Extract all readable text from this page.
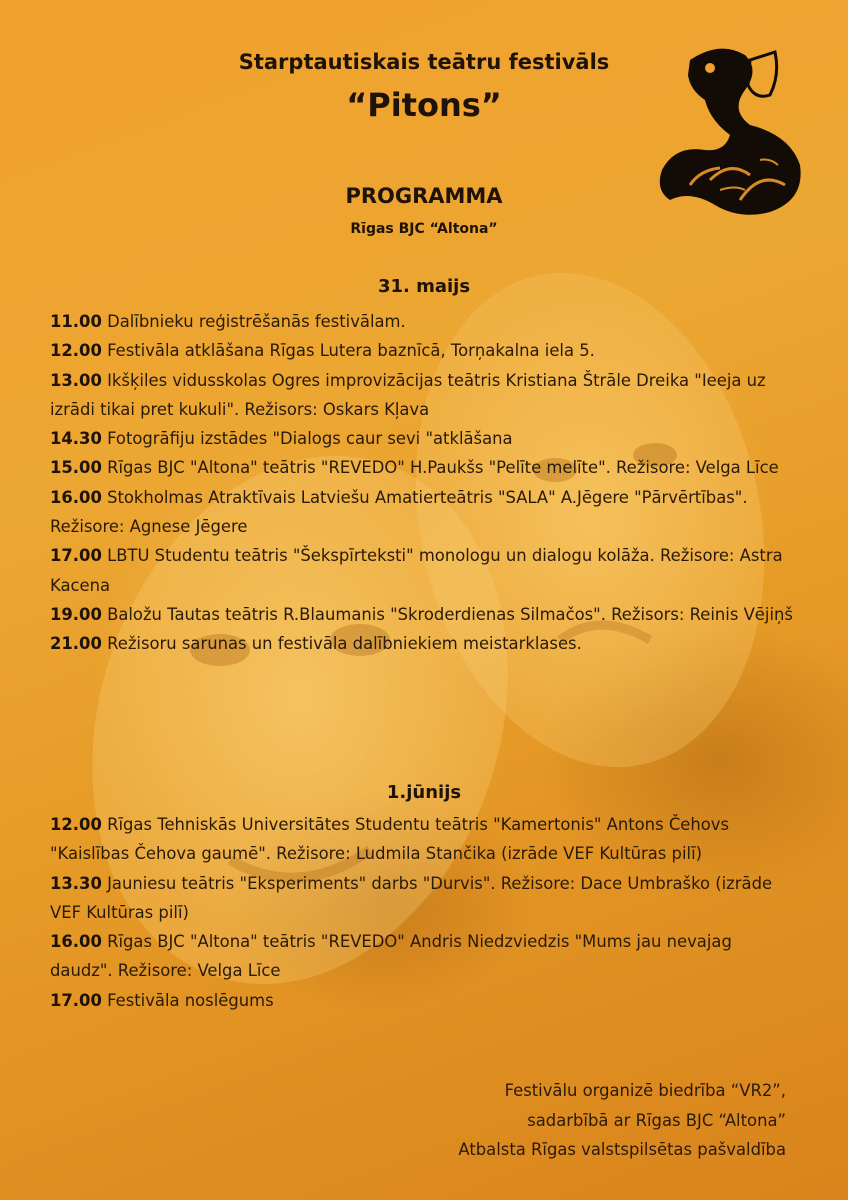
Starptautiskais teātru festivāls
“Pitons”
PROGRAMMA
Rīgas BJC “Altona”
31. maijs

11.00 Dalībnieku reģistrēšanās festivālam.

12.00 Festivāla atklāšana Rīgas Lutera baznīcā, Torņakalna iela 5.

13.00 Ikšķiles vidusskolas Ogres improvizācijas teātris Kristiana Štrāle Dreika "Ieeja uz izrādi tikai pret kukuli". Režisors: Oskars Kļava

14.30 Fotogrāfiju izstādes "Dialogs caur sevi "atklāšana

15.00 Rīgas BJC "Altona" teātris "REVEDO" H.Paukšs "Pelīte melīte". Režisore: Velga Līce

16.00 Stokholmas Atraktīvais Latviešu Amatierteātris "SALA" A.Jēgere "Pārvērtības". Režisore: Agnese Jēgere

17.00 LBTU Studentu teātris "Šekspīrteksti" monologu un dialogu kolāža. Režisore: Astra Kacena

19.00 Baložu Tautas teātris R.Blaumanis "Skroderdienas Silmačos". Režisors: Reinis Vējiņš

21.00 Režisoru sarunas un festivāla dalībniekiem meistarklases.

1.jūnijs

12.00 Rīgas Tehniskās Universitātes Studentu teātris "Kamertonis" Antons Čehovs "Kaislības Čehova gaumē". Režisore: Ludmila Stančika (izrāde VEF Kultūras pilī)

13.30 Jauniesu teātris "Eksperiments" darbs "Durvis". Režisore: Dace Umbraško (izrāde VEF Kultūras pilī)

16.00 Rīgas BJC "Altona" teātris "REVEDO" Andris Niedzviedzis "Mums jau nevajag daudz". Režisore: Velga Līce

17.00 Festivāla noslēgums

Festivālu organizē biedrība “VR2”,
sadarbībā ar Rīgas BJC “Altona”
Atbalsta Rīgas valstspilsētas pašvaldība
